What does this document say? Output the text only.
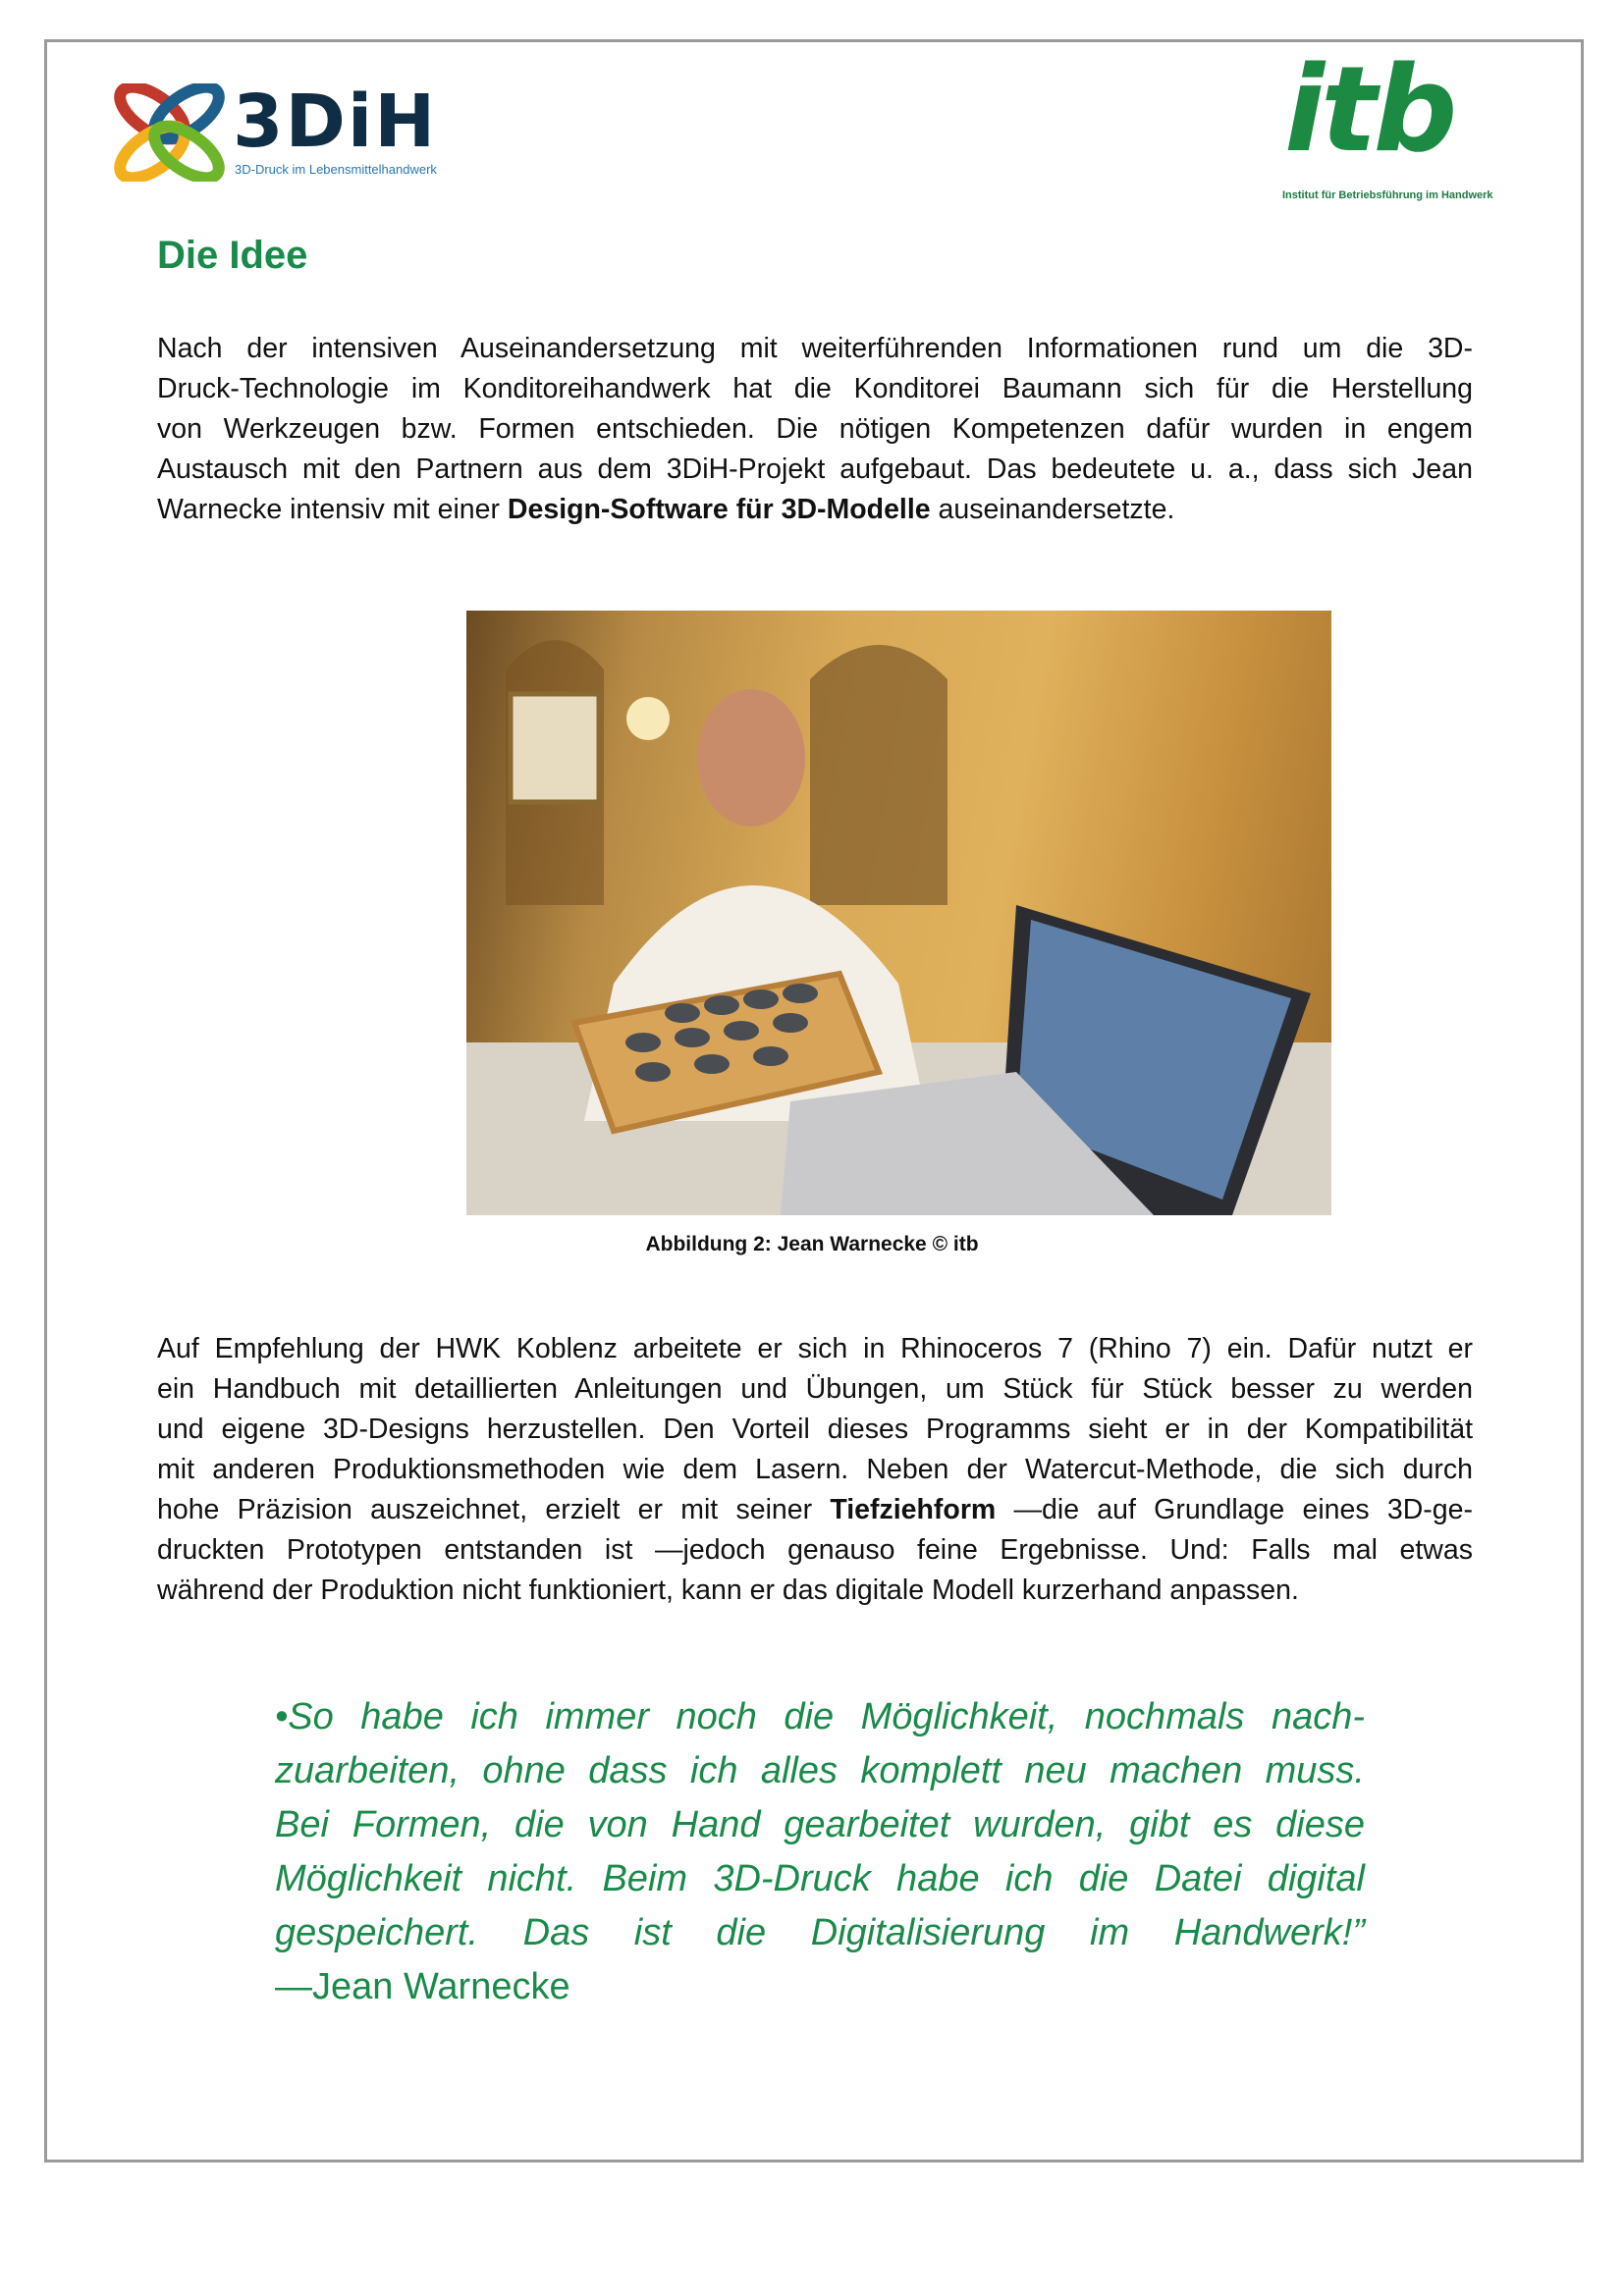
3DiH
3D-Druck im Lebensmittelhandwerk	itb
Institut für Betriebsführung im Handwerk
Die Idee
Nach der intensiven Auseinandersetzung mit weiterführenden Informationen rund um die 3D-
Druck-Technologie im Konditoreihandwerk hat die Konditorei Baumann sich für die Herstellung
von Werkzeugen bzw. Formen entschieden. Die nötigen Kompetenzen dafür wurden in engem
Austausch mit den Partnern aus dem 3DiH-Projekt aufgebaut. Das bedeutete u. a., dass sich Jean
Warnecke intensiv mit einer Design-Software für 3D-Modelle auseinandersetzte.
Abbildung 2: Jean Warnecke © itb
Auf Empfehlung der HWK Koblenz arbeitete er sich in Rhinoceros 7 (Rhino 7) ein. Dafür nutzt er
ein Handbuch mit detaillierten Anleitungen und Übungen, um Stück für Stück besser zu werden
und eigene 3D-Designs herzustellen. Den Vorteil dieses Programms sieht er in der Kompatibilität
mit anderen Produktionsmethoden wie dem Lasern. Neben der Watercut-Methode, die sich durch
hohe Präzision auszeichnet, erzielt er mit seiner Tiefziehform —die auf Grundlage eines 3D-ge-
druckten Prototypen entstanden ist —jedoch genauso feine Ergebnisse. Und: Falls mal etwas
während der Produktion nicht funktioniert, kann er das digitale Modell kurzerhand anpassen.
•So habe ich immer noch die Möglichkeit, nochmals nach-
zuarbeiten, ohne dass ich alles komplett neu machen muss.
Bei Formen, die von Hand gearbeitet wurden, gibt es diese
Möglichkeit nicht. Beim 3D-Druck habe ich die Datei digital
gespeichert.  Das  ist  die  Digitalisierung  im  Handwerk!”
—Jean Warnecke
